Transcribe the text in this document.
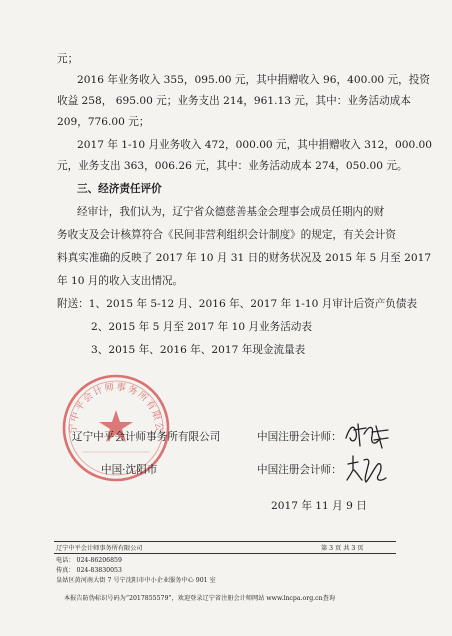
元；
2016 年业务收入 355，095.00 元，其中捐赠收入 96，400.00 元，投资
收益 258， 695.00 元；业务支出 214，961.13 元，其中：业务活动成本
209，776.00 元；
2017 年 1-10 月业务收入 472，000.00 元，其中捐赠收入 312，000.00
元，业务支出 363，006.26 元，其中：业务活动成本 274，050.00 元。
三、经济责任评价
经审计，我们认为，辽宁省众德慈善基金会理事会成员任期内的财
务收支及会计核算符合《民间非营利组织会计制度》的规定，有关会计资
料真实准确的反映了 2017 年 10 月 31 日的财务状况及 2015 年 5 月至 2017
年 10 月的收入支出情况。
附送：1、2015 年 5-12 月、2016 年、2017 年 1-10 月审计后资产负债表
2、2015 年 5 月至 2017 年 10 月业务活动表
3、2015 年、2016 年、2017 年现金流量表
宁中平会计师事务所有限公
辽宁中平会计师事务所有限公司
中国·沈阳市
中国注册会计师：
中国注册会计师：
2017 年 11 月 9 日
辽宁中平会计师事务所有限公司	第 3 页 共 3 页
电话： 024-86206859
传真： 024-83830053
皇姑区黄河南大街 7 号宁沈阳市中小企业服务中心 901 室
本报告防伪标识号码为“2017855579”，欢迎登录辽宁省注册会计师网站 www.lncpa.org.cn查询
